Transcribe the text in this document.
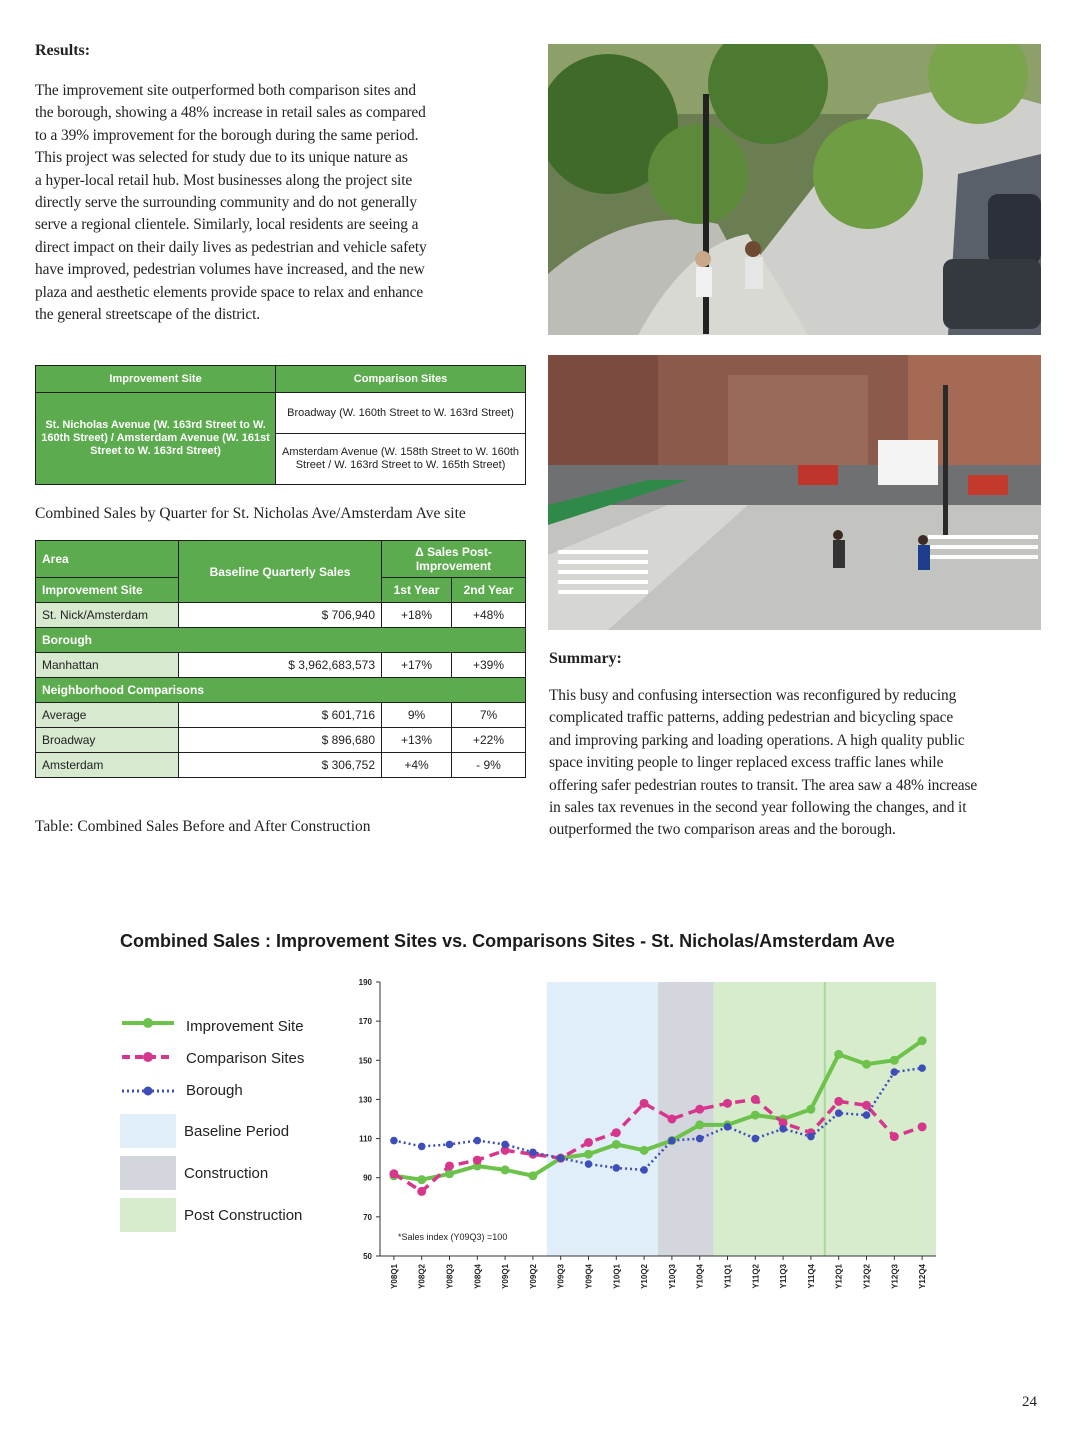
Results:
The improvement site outperformed both comparison sites and
the borough, showing a 48% increase in retail sales as compared
to a 39% improvement for the borough during the same period.
This project was selected for study due to its unique nature as
a hyper-local retail hub. Most businesses along the project site
directly serve the surrounding community and do not generally
serve a regional clientele. Similarly, local residents are seeing a
direct impact on their daily lives as pedestrian and vehicle safety
have improved, pedestrian volumes have increased, and the new
plaza and aesthetic elements provide space to relax and enhance
the general streetscape of the district.
Improvement Site	Comparison Sites
St. Nicholas Avenue (W. 163rd Street to W. 160th Street) / Amsterdam Avenue (W. 161st Street to W. 163rd Street)	Broadway (W. 160th Street to W. 163rd Street)
	Amsterdam Avenue (W. 158th Street to W. 160th Street / W. 163rd Street to W. 165th Street)
Combined Sales by Quarter for St. Nicholas Ave/Amsterdam Ave site
Area	Baseline Quarterly Sales	Δ Sales Post-Improvement	
Improvement Site		1st Year	2nd Year
St. Nick/Amsterdam	$ 706,940	+18%	+48%
Borough			
Manhattan	$ 3,962,683,573	+17%	+39%
Neighborhood Comparisons			
Average	$ 601,716	9%	7%
Broadway	$ 896,680	+13%	+22%
Amsterdam	$ 306,752	+4%	- 9%
Table: Combined Sales Before and After Construction
Summary:
This busy and confusing intersection was reconfigured by reducing
complicated traffic patterns, adding pedestrian and bicycling space
and improving parking and loading operations. A high quality public
space inviting people to linger replaced excess traffic lanes while
offering safer pedestrian routes to transit. The area saw a 48% increase
in sales tax revenues in the second year following the changes, and it
outperformed the two comparison areas and the borough.
Combined Sales : Improvement Sites vs. Comparisons Sites - St. Nicholas/Amsterdam Ave
Improvement Site
Comparison Sites
Borough
Baseline Period
Construction
Post Construction
50
70
90
110
130
150
170
190
Y08Q1 Y08Q2 Y08Q3 Y08Q4 Y09Q1 Y09Q2 Y09Q3 Y09Q4 Y10Q1 Y10Q2 Y10Q3 Y10Q4 Y11Q1 Y11Q2 Y11Q3 Y11Q4 Y12Q1 Y12Q2 Y12Q3 Y12Q4
*Sales index (Y09Q3) =100
24
